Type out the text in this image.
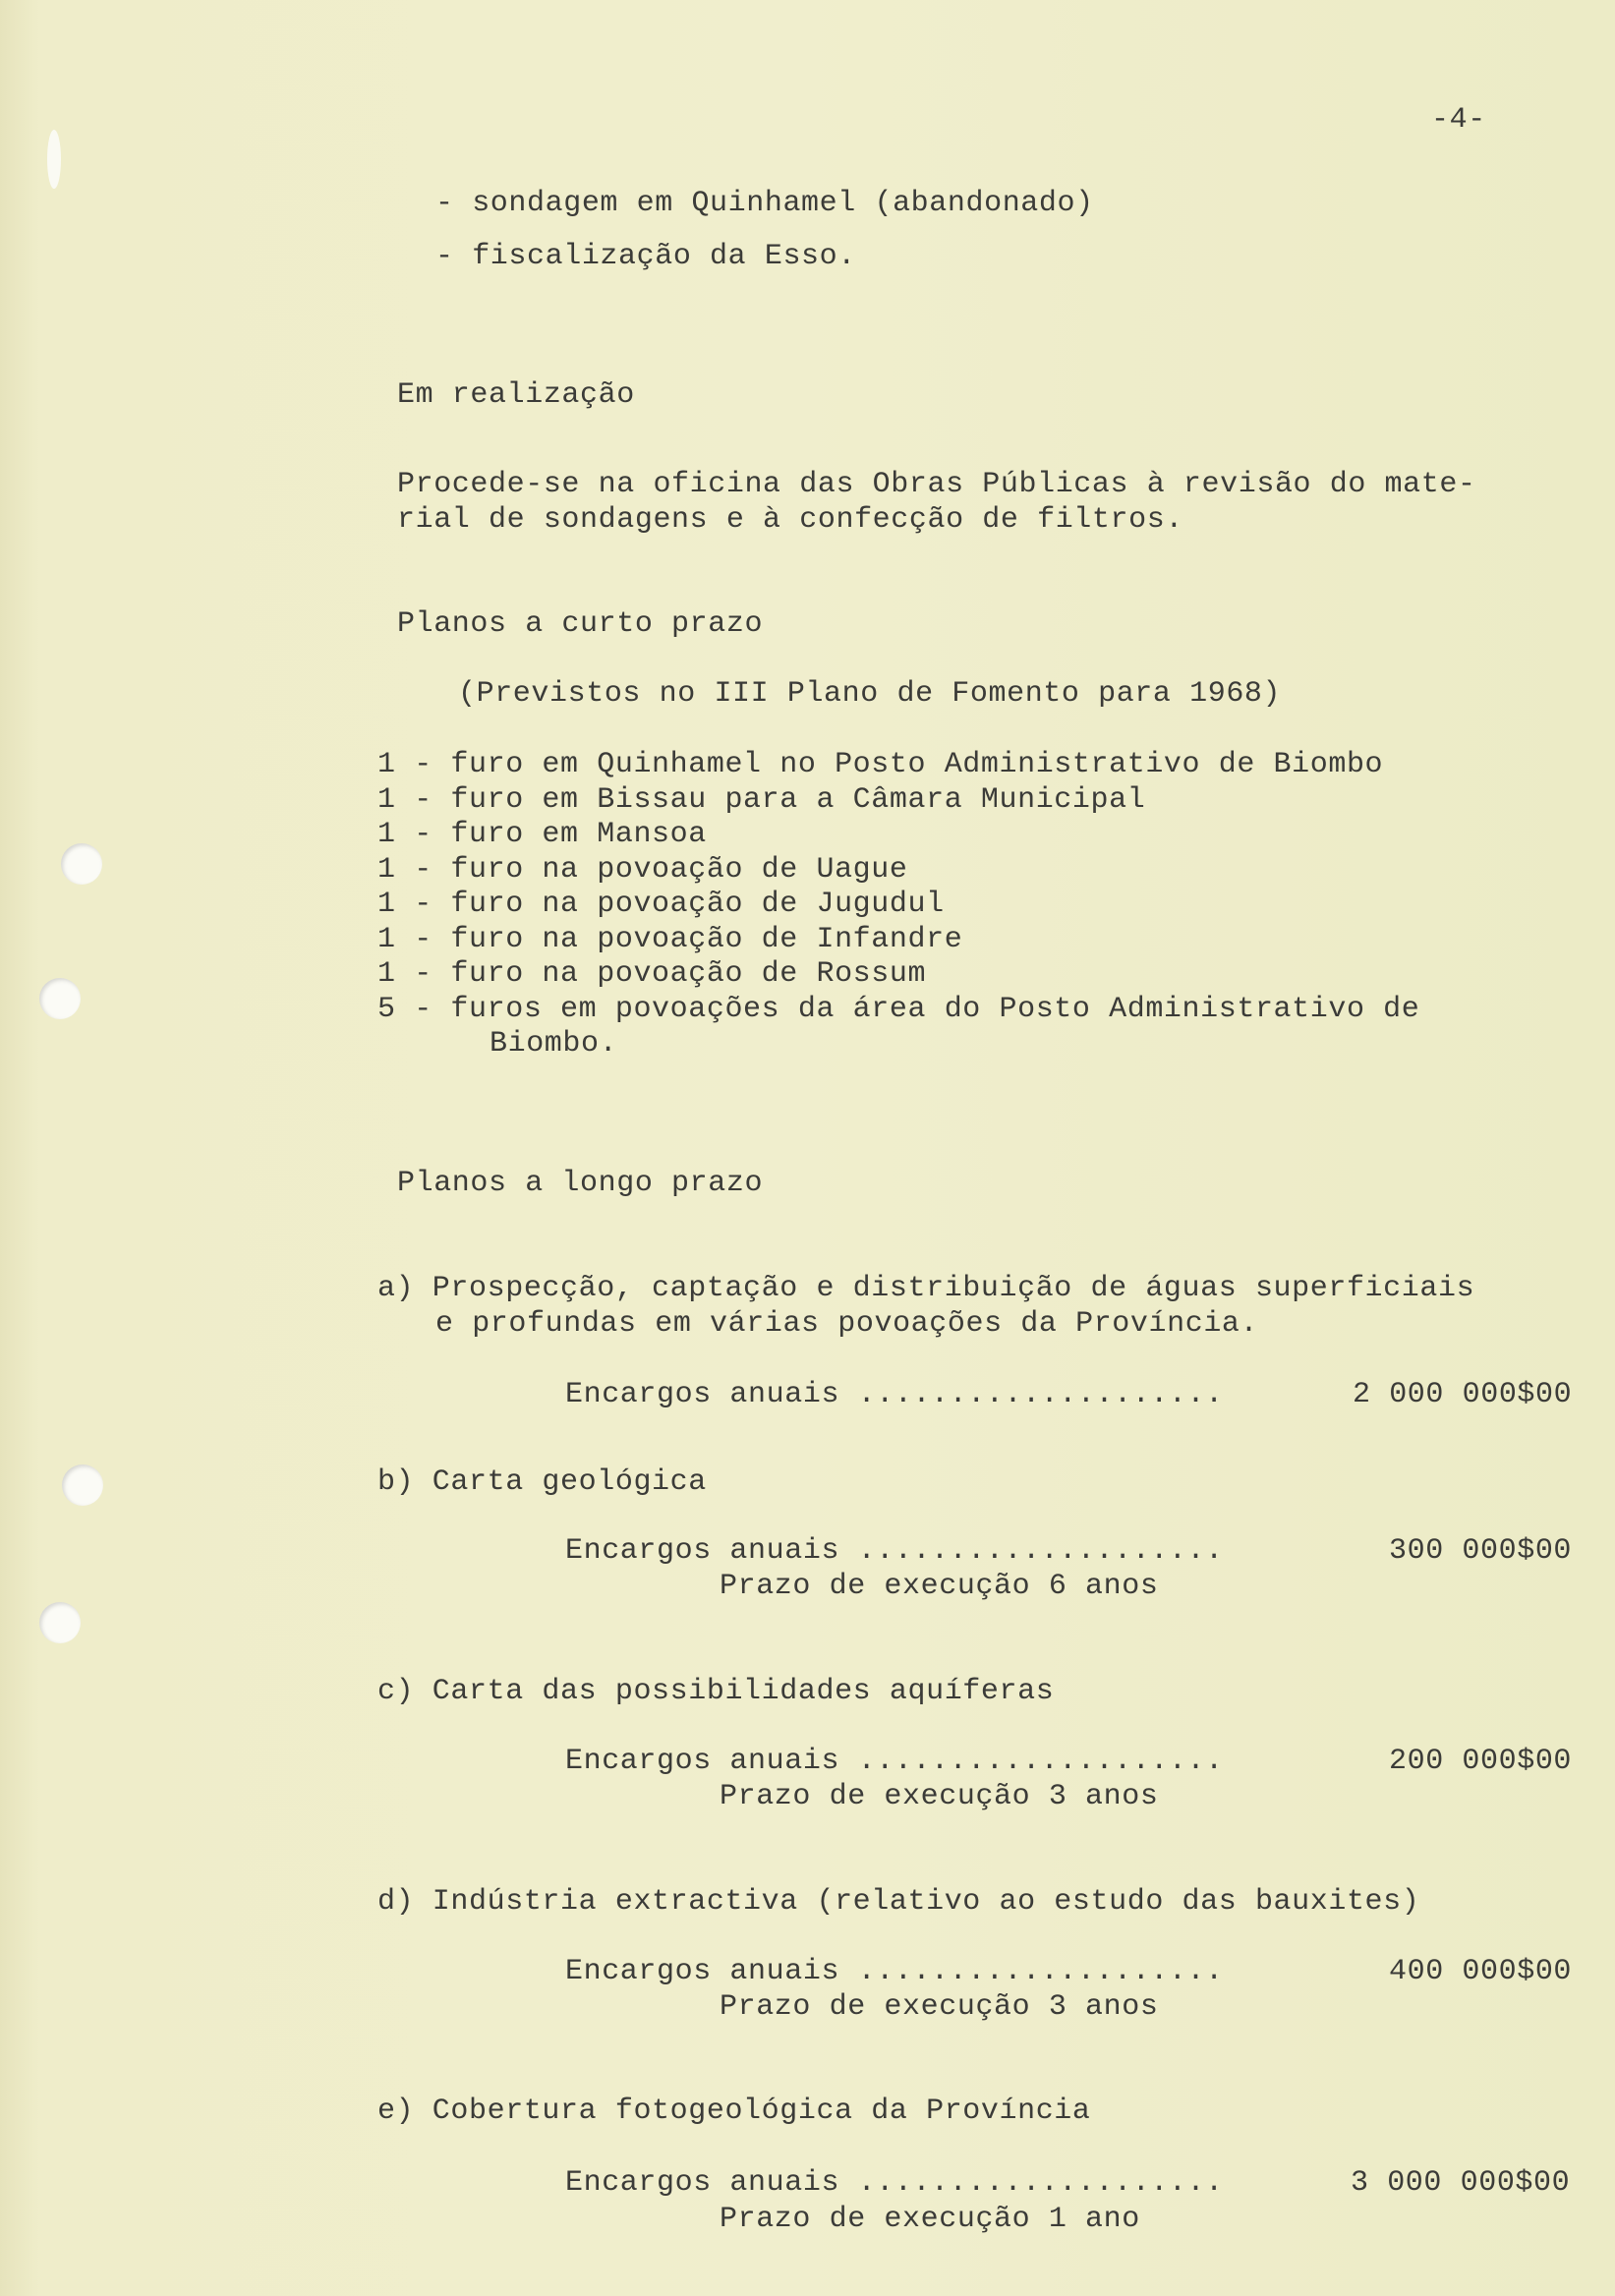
-4-
- sondagem em Quinhamel (abandonado)
- fiscalização da Esso.
Em realização
Procede-se na oficina das Obras Públicas à revisão do mate-
rial de sondagens e à confecção de filtros.
Planos a curto prazo
(Previstos no III Plano de Fomento para 1968)
1 - furo em Quinhamel no Posto Administrativo de Biombo
1 - furo em Bissau para a Câmara Municipal
1 - furo em Mansoa
1 - furo na povoação de Uague
1 - furo na povoação de Jugudul
1 - furo na povoação de Infandre
1 - furo na povoação de Rossum
5 - furos em povoações da área do Posto Administrativo de
Biombo.
Planos a longo prazo
a) Prospecção, captação e distribuição de águas superficiais
e profundas em várias povoações da Província.
Encargos anuais ....................	2 000 000$00
b) Carta geológica
Encargos anuais ....................	300 000$00
Prazo de execução 6 anos
c) Carta das possibilidades aquíferas
Encargos anuais ....................	200 000$00
Prazo de execução 3 anos
d) Indústria extractiva (relativo ao estudo das bauxites)
Encargos anuais ....................	400 000$00
Prazo de execução 3 anos
e) Cobertura fotogeológica da Província
Encargos anuais ....................	3 000 000$00
Prazo de execução 1 ano
